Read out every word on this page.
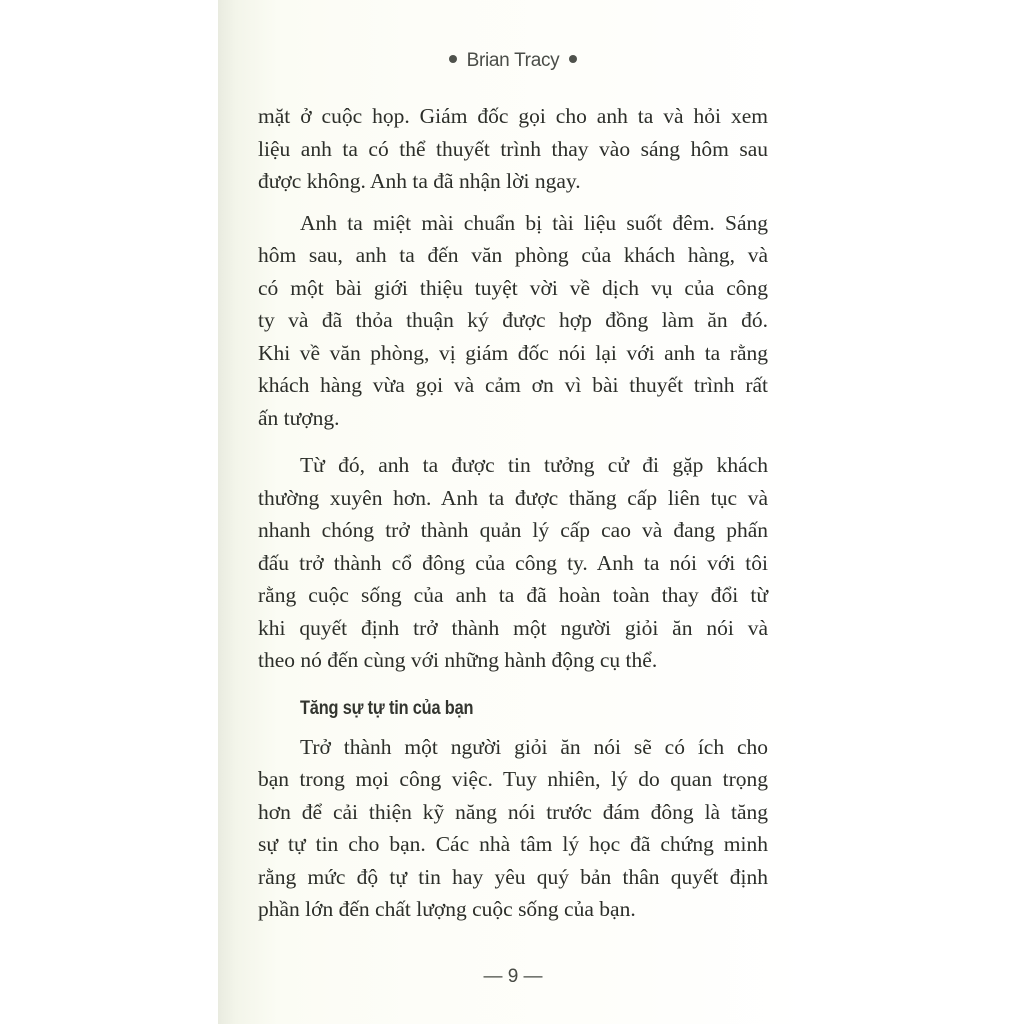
Brian Tracy

mặt ở cuộc họp. Giám đốc gọi cho anh ta và hỏi xem
liệu anh ta có thể thuyết trình thay vào sáng hôm sau
được không. Anh ta đã nhận lời ngay.

Anh ta miệt mài chuẩn bị tài liệu suốt đêm. Sáng
hôm sau, anh ta đến văn phòng của khách hàng, và
có một bài giới thiệu tuyệt vời về dịch vụ của công
ty và đã thỏa thuận ký được hợp đồng làm ăn đó.
Khi về văn phòng, vị giám đốc nói lại với anh ta rằng
khách hàng vừa gọi và cảm ơn vì bài thuyết trình rất
ấn tượng.

Từ đó, anh ta được tin tưởng cử đi gặp khách
thường xuyên hơn. Anh ta được thăng cấp liên tục và
nhanh chóng trở thành quản lý cấp cao và đang phấn
đấu trở thành cổ đông của công ty. Anh ta nói với tôi
rằng cuộc sống của anh ta đã hoàn toàn thay đổi từ
khi quyết định trở thành một người giỏi ăn nói và
theo nó đến cùng với những hành động cụ thể.

Tăng sự tự tin của bạn

Trở thành một người giỏi ăn nói sẽ có ích cho
bạn trong mọi công việc. Tuy nhiên, lý do quan trọng
hơn để cải thiện kỹ năng nói trước đám đông là tăng
sự tự tin cho bạn. Các nhà tâm lý học đã chứng minh
rằng mức độ tự tin hay yêu quý bản thân quyết định
phần lớn đến chất lượng cuộc sống của bạn.

— 9 —
